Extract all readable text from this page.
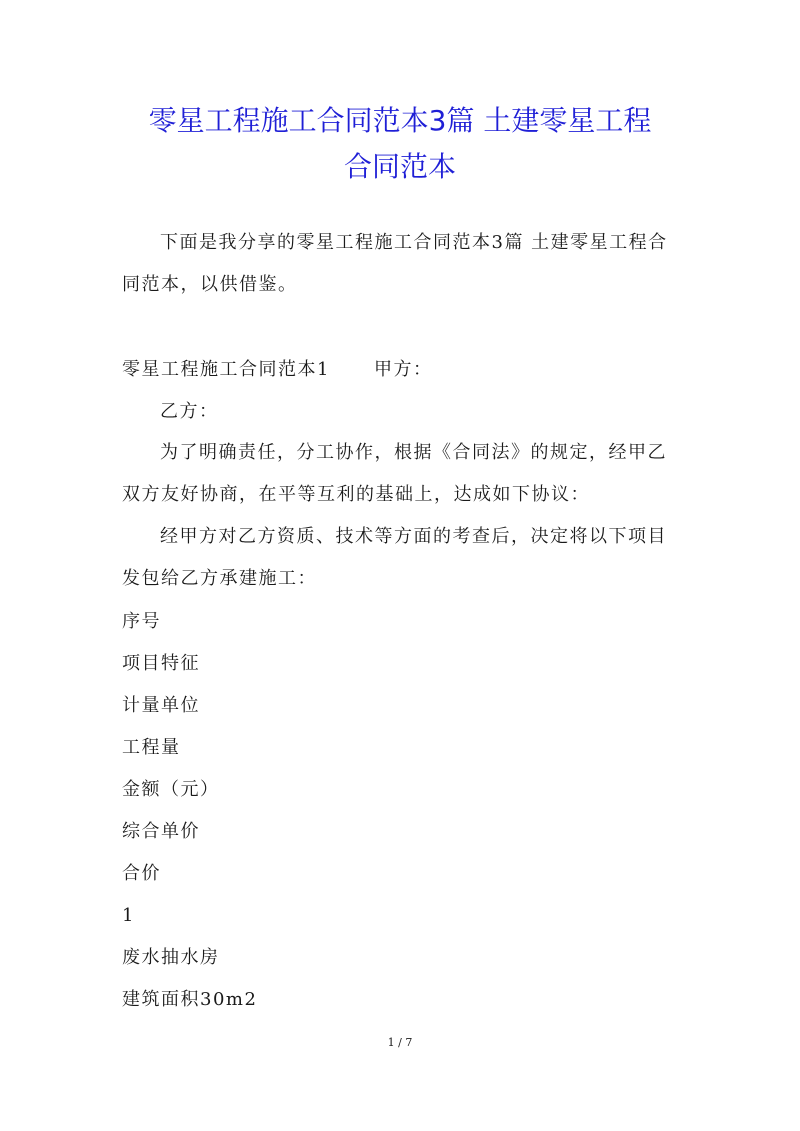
零星工程施工合同范本3篇 土建零星工程
合同范本

下面是我分享的零星工程施工合同范本3篇 土建零星工程合同范本，以供借鉴。

零星工程施工合同范本1 甲方：

乙方：

为了明确责任，分工协作，根据《合同法》的规定，经甲乙双方友好协商，在平等互利的基础上，达成如下协议：

经甲方对乙方资质、技术等方面的考查后，决定将以下项目发包给乙方承建施工：

序号

项目特征

计量单位

工程量

金额（元）

综合单价

合价

1

废水抽水房

建筑面积30m2

1 / 7
